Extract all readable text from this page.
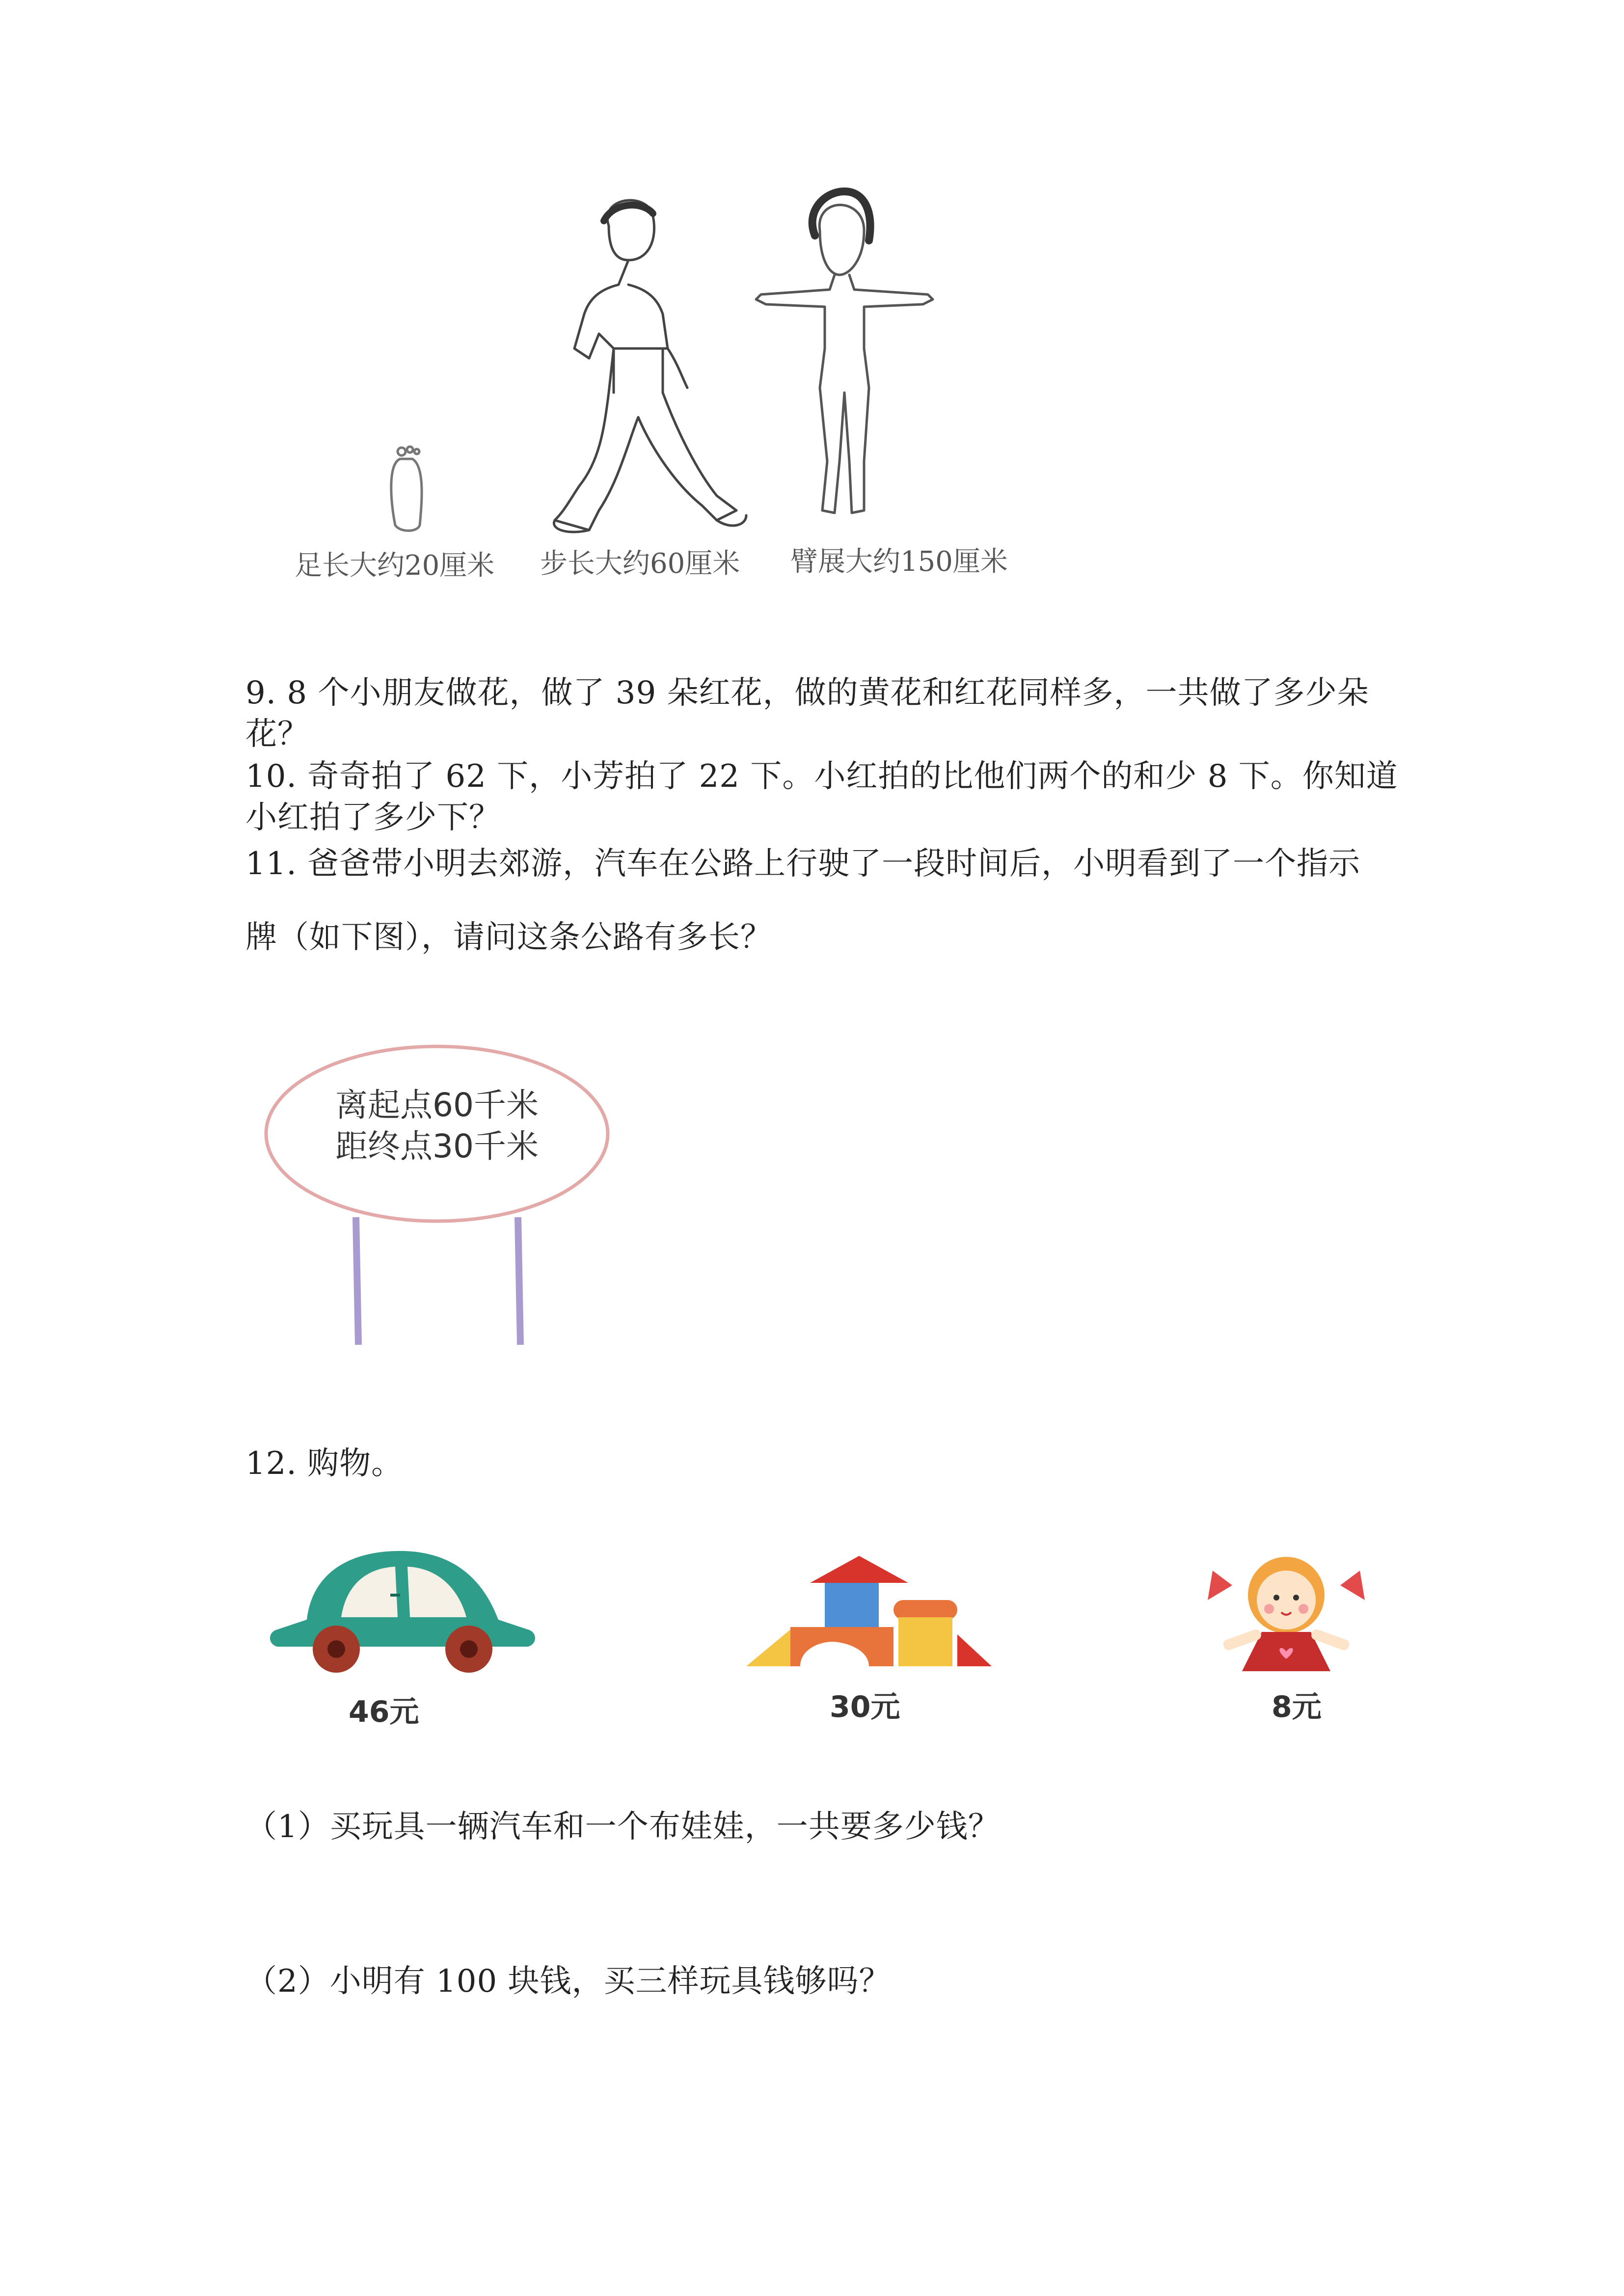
足长大约20厘米 步长大约60厘米 臂展大约150厘米
9. 8 个小朋友做花，做了 39 朵红花，做的黄花和红花同样多，一共做了多少朵
花？
10. 奇奇拍了 62 下，小芳拍了 22 下。小红拍的比他们两个的和少 8 下。你知道
小红拍了多少下？
11. 爸爸带小明去郊游，汽车在公路上行驶了一段时间后，小明看到了一个指示
牌（如下图），请问这条公路有多长？
离起点60千米
距终点30千米
12. 购物。
46元	30元	8元
（1）买玩具一辆汽车和一个布娃娃，一共要多少钱？
（2）小明有 100 块钱，买三样玩具钱够吗？
